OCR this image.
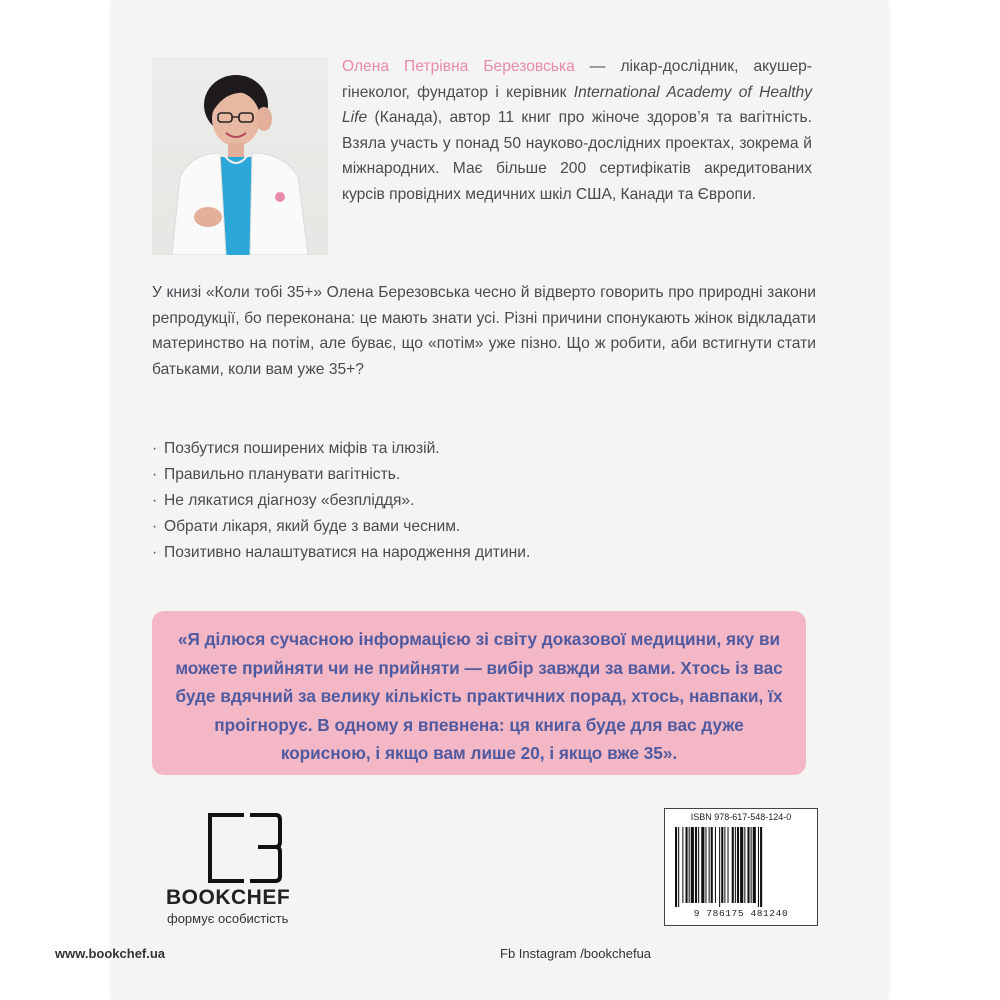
Олена Петрівна Березовська — лікар-дослідник, акушер-гінеколог, фундатор і керівник International Academy of Healthy Life (Канада), автор 11 книг про жіноче здоров’я та вагітність. Взяла участь у понад 50 науково-дослідних проектах, зокрема й міжнародних. Має більше 200 сертифікатів акредитованих курсів провідних медичних шкіл США, Канади та Європи.
У книзі «Коли тобі 35+» Олена Березовська чесно й відверто говорить про природні закони репродукції, бо переконана: це мають знати усі. Різні причини спонукають жінок відкладати материнство на потім, але буває, що «потім» уже пізно. Що ж робити, аби встигнути стати батьками, коли вам уже 35+?
· Позбутися поширених міфів та ілюзій.
· Правильно планувати вагітність.
· Не лякатися діагнозу «безпліддя».
· Обрати лікаря, який буде з вами чесним.
· Позитивно налаштуватися на народження дитини.

«Я ділюся сучасною інформацією зі світу доказової медицини, яку ви можете прийняти чи не прийняти — вибір завжди за вами. Хтось із вас буде вдячний за велику кількість практичних порад, хтось, навпаки, їх проігнорує. В одному я впевнена: ця книга буде для вас дуже корисною, і якщо вам лише 20, і якщо вже 35».

BOOKCHEF
формує особистість
ISBN 978-617-548-124-0
9 786175 481240
www.bookchef.ua	Fb Instagram /bookchefua
